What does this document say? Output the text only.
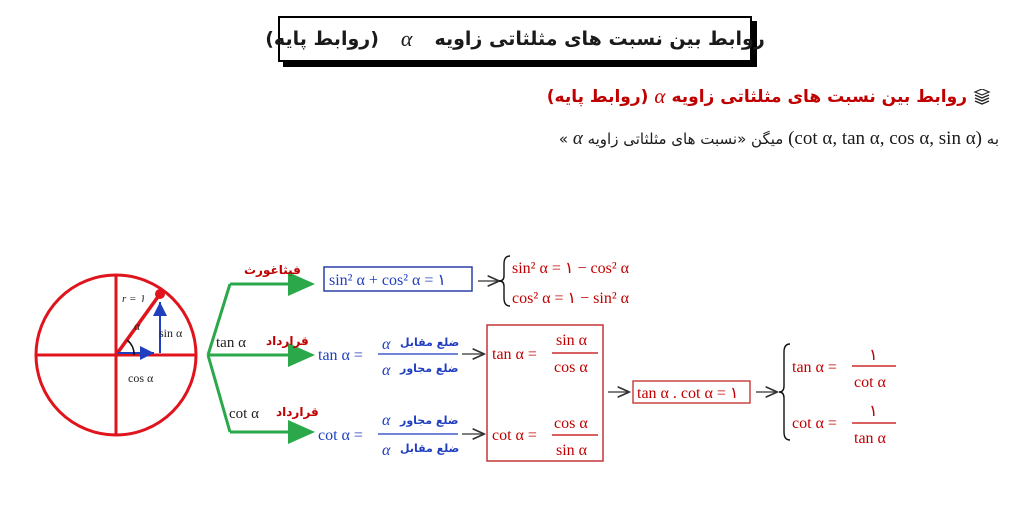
روابط بین نسبت های مثلثاتی زاویه
α
(روابط پایه)
روابط بین نسبت های مثلثاتی زاویه
α
(روابط پایه)
به (cot α, tan α, cos α, sin α) میگن «نسبت های مثلثاتی زاویه α »
r = ۱
α sin α
cos α
فیثاغورث
tan α قرارداد
cot α قرارداد
sin² α + cos² α = ۱
sin² α = ۱ − cos² α
cos² α = ۱ − sin² α
tan α =
α
α
ضلع مقابل
ضلع مجاور
cot α =
α
α
ضلع مجاور
ضلع مقابل
tan α =
sin α
cos α
cot α =
cos α
sin α
tan α . cot α = ۱
tan α =
۱
cot α
cot α =
۱
tan α
